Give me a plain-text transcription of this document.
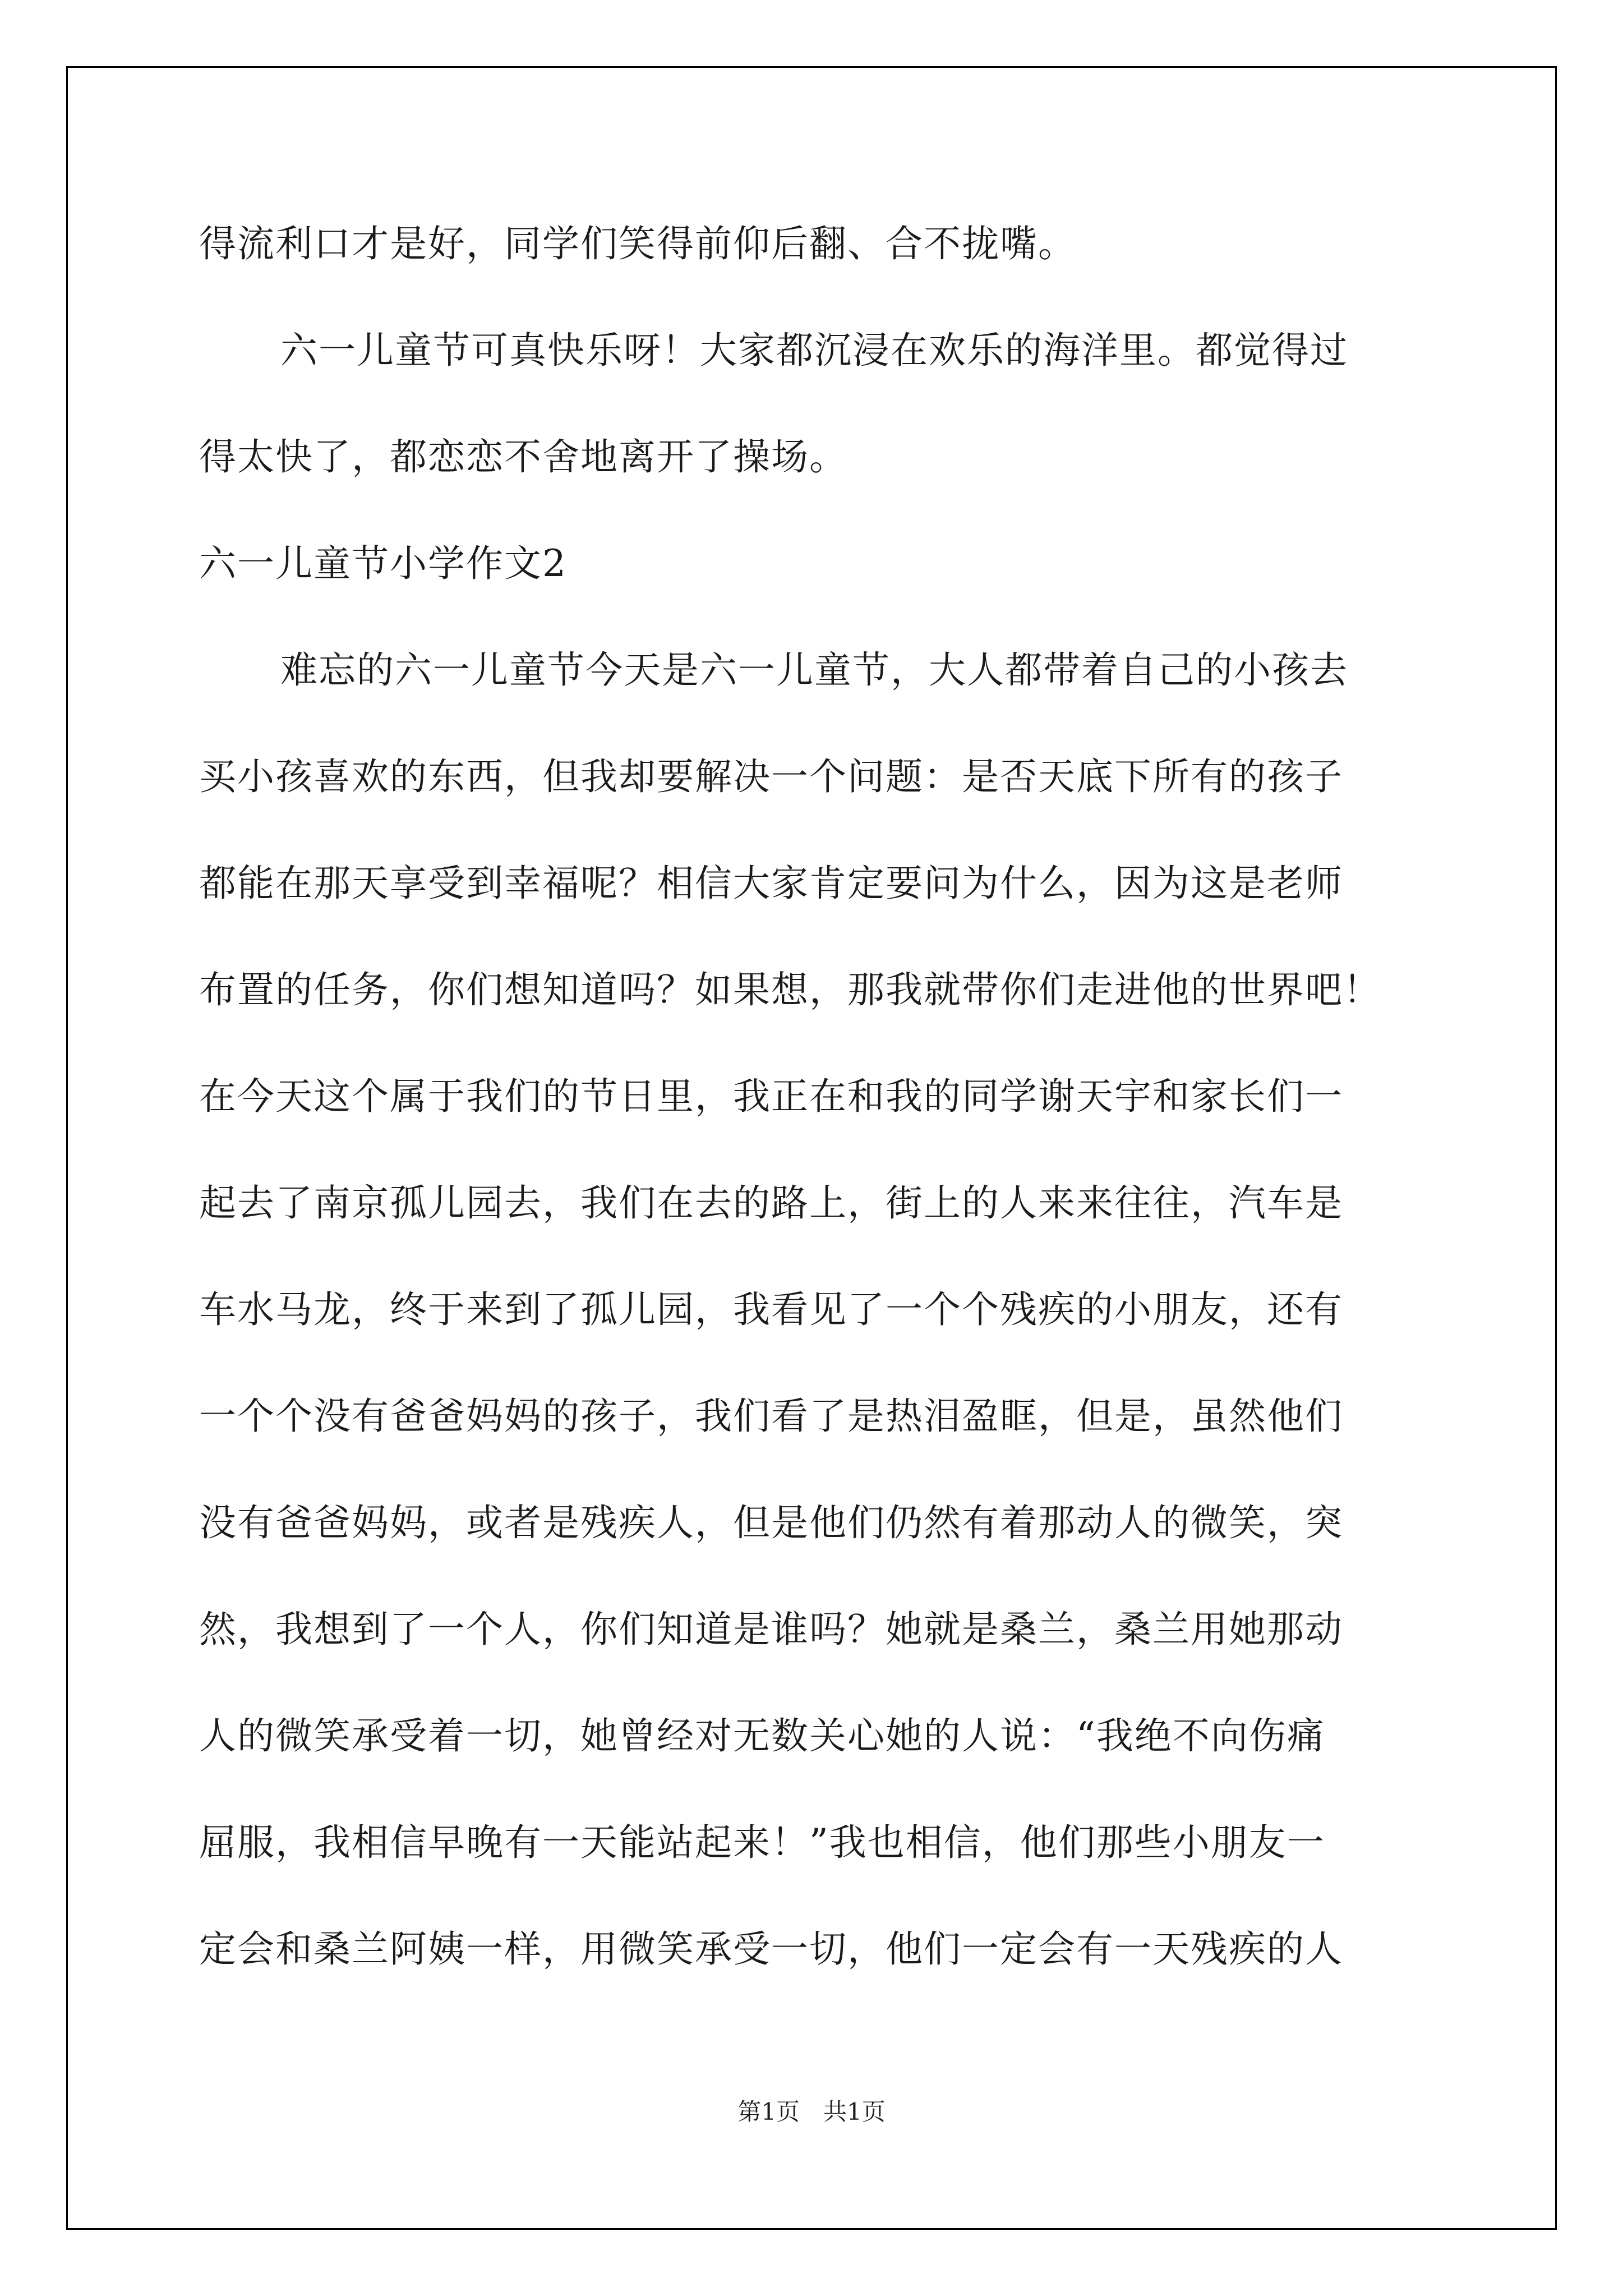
得流利口才是好，同学们笑得前仰后翻、合不拢嘴。
六一儿童节可真快乐呀！大家都沉浸在欢乐的海洋里。都觉得过
得太快了，都恋恋不舍地离开了操场。
六一儿童节小学作文2
难忘的六一儿童节今天是六一儿童节，大人都带着自己的小孩去
买小孩喜欢的东西，但我却要解决一个问题：是否天底下所有的孩子
都能在那天享受到幸福呢？相信大家肯定要问为什么，因为这是老师
布置的任务，你们想知道吗？如果想，那我就带你们走进他的世界吧！
在今天这个属于我们的节日里，我正在和我的同学谢天宇和家长们一
起去了南京孤儿园去，我们在去的路上，街上的人来来往往，汽车是
车水马龙，终于来到了孤儿园，我看见了一个个残疾的小朋友，还有
一个个没有爸爸妈妈的孩子，我们看了是热泪盈眶，但是，虽然他们
没有爸爸妈妈，或者是残疾人，但是他们仍然有着那动人的微笑，突
然，我想到了一个人，你们知道是谁吗？她就是桑兰，桑兰用她那动
人的微笑承受着一切，她曾经对无数关心她的人说：“我绝不向伤痛
屈服，我相信早晚有一天能站起来！”我也相信，他们那些小朋友一
定会和桑兰阿姨一样，用微笑承受一切，他们一定会有一天残疾的人
第1页　共1页
